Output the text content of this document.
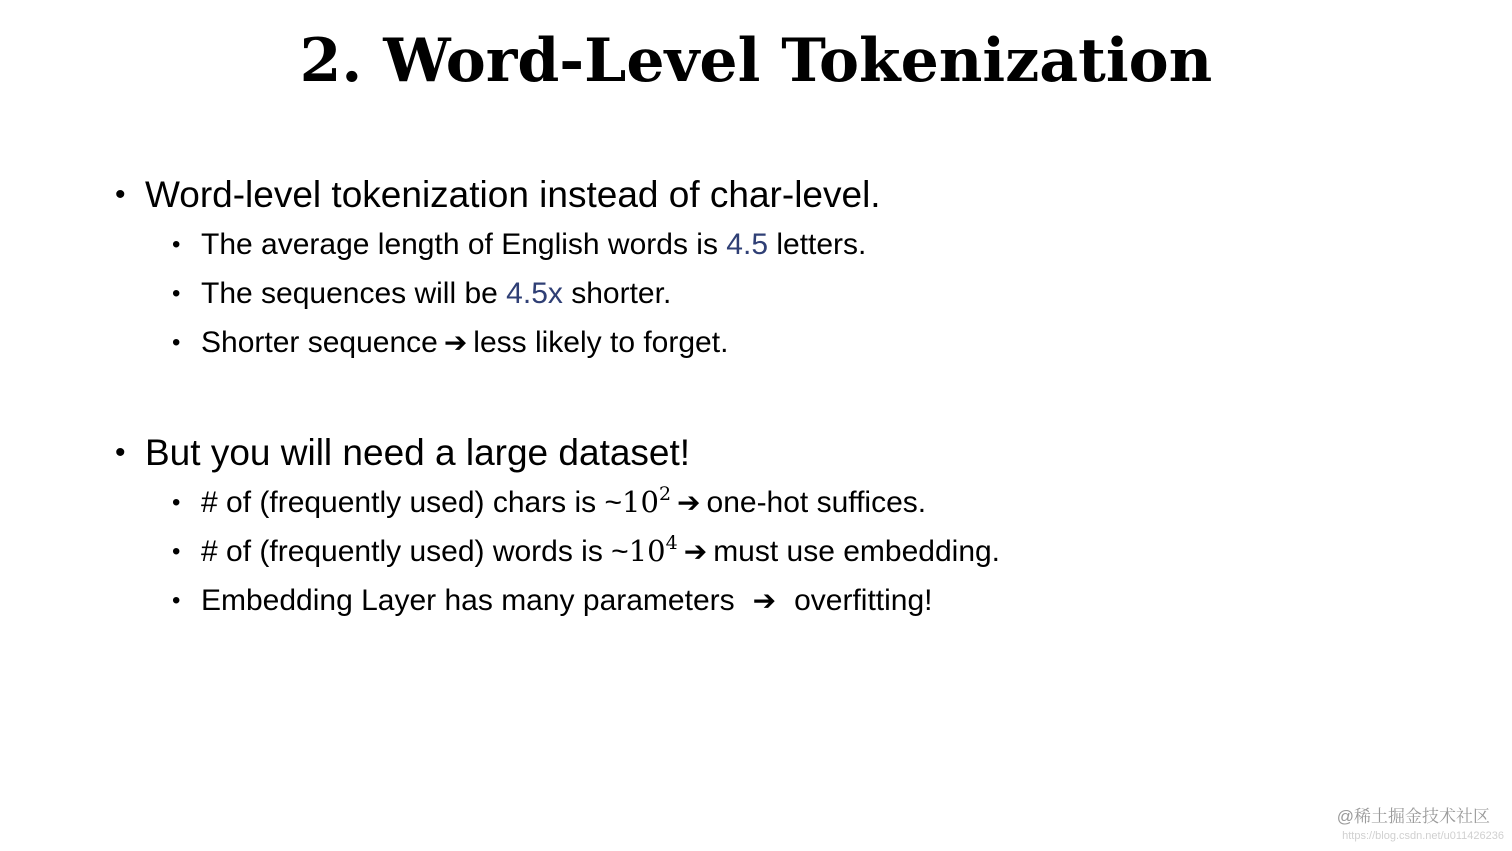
2. Word-Level Tokenization
• Word-level tokenization instead of char-level.
• The average length of English words is 4.5 letters.
• The sequences will be 4.5x shorter.
• Shorter sequence ➔ less likely to forget.
• But you will need a large dataset!
• # of (frequently used) chars is $\sim 10^2$ ➔ one-hot suffices.
• # of (frequently used) words is $\sim 10^4$ ➔ must use embedding.
• Embedding Layer has many parameters ➔ overfitting!
@稀土掘金技术社区
https://blog.csdn.net/u011426236
